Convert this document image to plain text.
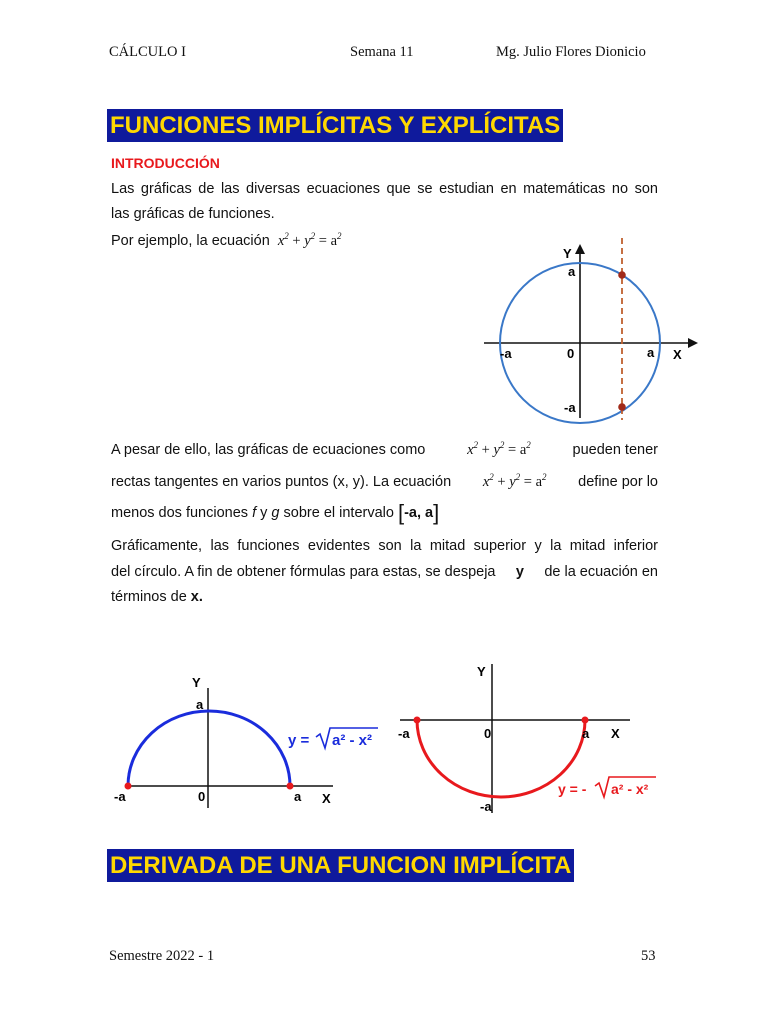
CÁLCULO I	Semana 11	Mg. Julio Flores Dionicio
FUNCIONES IMPLÍCITAS Y EXPLÍCITAS
INTRODUCCIÓN
Las gráficas de las diversas ecuaciones que se estudian en matemáticas no son
las gráficas de funciones.
Por ejemplo, la ecuación $x^2 + y^2 = a^2$
Y
a
-a	0	a X
-a
A pesar de ello, las gráficas de ecuaciones como	$x^2 + y^2 = a^2$	pueden tener
rectas tangentes en varios puntos (x, y). La ecuación $x^2 + y^2 = a^2$ define por lo
menos dos funciones f y g sobre el intervalo [-a, a]
Gráficamente, las funciones evidentes son la mitad superior y la mitad inferior
del círculo. A fin de obtener fórmulas para estas, se despeja y de la ecuación en
términos de x.
Y
a
-a	0	a X
y = a² - x²
Y
-a	0	a X
-a
y = - a² - x²
DERIVADA DE UNA FUNCION IMPLÍCITA
Semestre 2022 - 1	53
